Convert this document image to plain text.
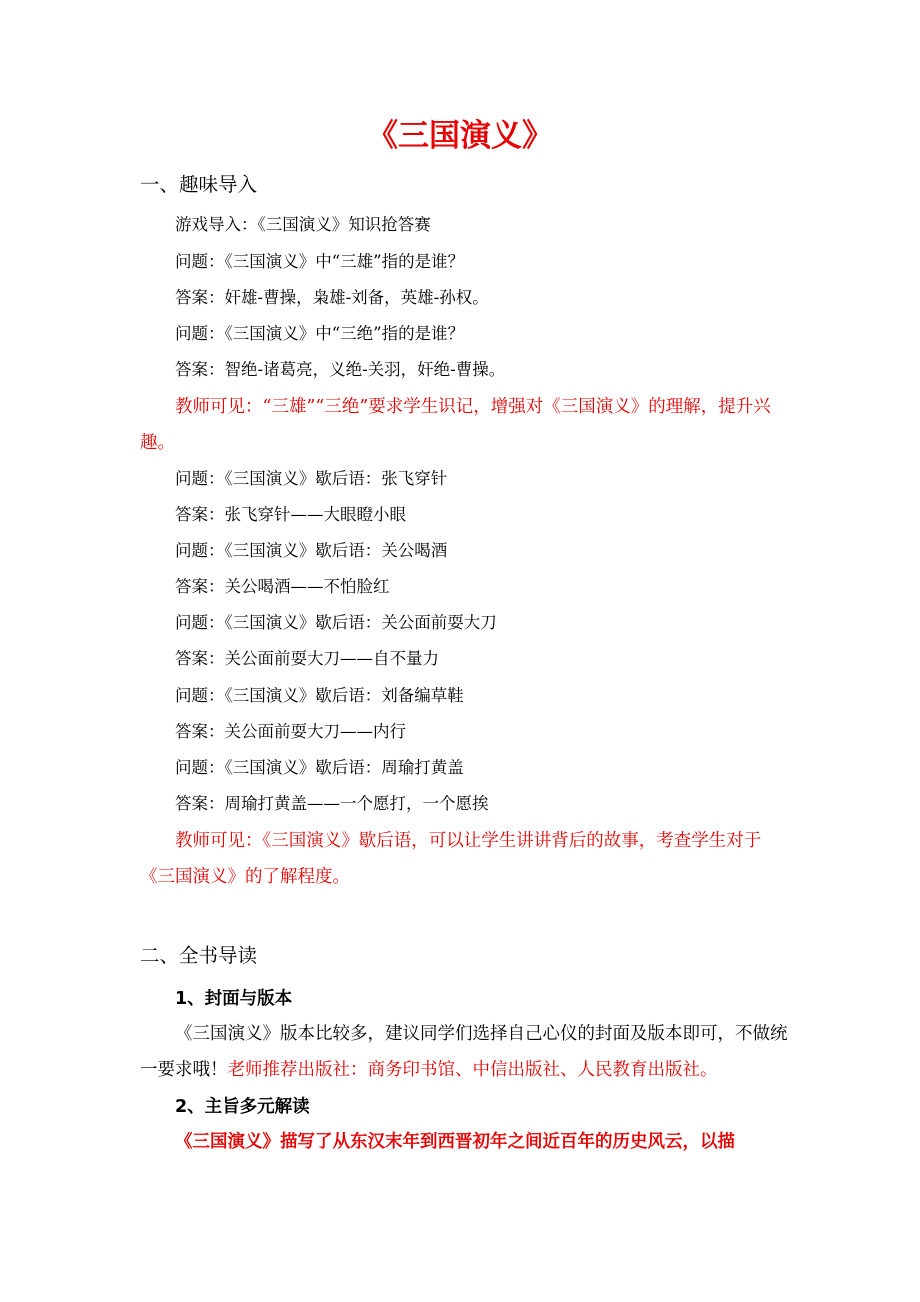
《三国演义》

一、趣味导入

游戏导入：《三国演义》知识抢答赛

问题：《三国演义》中“三雄”指的是谁？

答案：奸雄-曹操，枭雄-刘备，英雄-孙权。

问题：《三国演义》中“三绝”指的是谁？

答案：智绝-诸葛亮，义绝-关羽，奸绝-曹操。

教师可见：“三雄”“三绝”要求学生识记，增强对《三国演义》的理解，提升兴趣。

问题：《三国演义》歇后语：张飞穿针

答案：张飞穿针——大眼瞪小眼

问题：《三国演义》歇后语：关公喝酒

答案：关公喝酒——不怕脸红

问题：《三国演义》歇后语：关公面前耍大刀

答案：关公面前耍大刀——自不量力

问题：《三国演义》歇后语：刘备编草鞋

答案：关公面前耍大刀——内行

问题：《三国演义》歇后语：周瑜打黄盖

答案：周瑜打黄盖——一个愿打，一个愿挨

教师可见：《三国演义》歇后语，可以让学生讲讲背后的故事，考查学生对于《三国演义》的了解程度。

二、全书导读

1、封面与版本

《三国演义》版本比较多，建议同学们选择自己心仪的封面及版本即可，不做统一要求哦！老师推荐出版社：商务印书馆、中信出版社、人民教育出版社。

2、主旨多元解读

《三国演义》描写了从东汉末年到西晋初年之间近百年的历史风云，以描
